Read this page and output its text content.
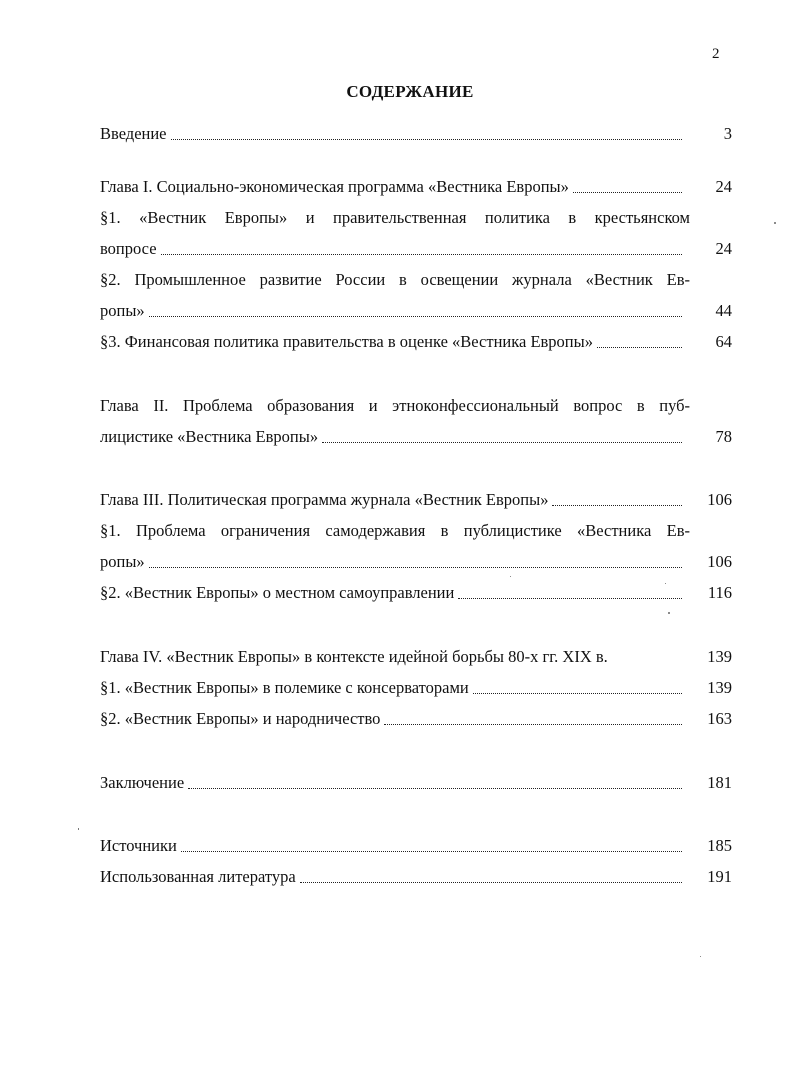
2
СОДЕРЖАНИЕ
Введение	3
Глава I. Социально-экономическая программа «Вестника Европы»	24
§1. «Вестник Европы» и правительственная политика в крестьянском
вопросе	24
§2. Промышленное развитие России в освещении журнала «Вестник Ев-
ропы»	44
§3. Финансовая политика правительства в оценке «Вестника Европы»	64
Глава II. Проблема образования и этноконфессиональный вопрос в пуб-
лицистике «Вестника Европы»	78
Глава III. Политическая программа журнала «Вестник Европы»	106
§1. Проблема ограничения самодержавия в публицистике «Вестника Ев-
ропы»	106
§2. «Вестник Европы» о местном самоуправлении	116
Глава IV. «Вестник Европы» в контексте идейной борьбы 80-х гг. XIX в.	139
§1. «Вестник Европы» в полемике с консерваторами	139
§2. «Вестник Европы» и народничество	163
Заключение	181
Источники	185
Использованная литература	191
